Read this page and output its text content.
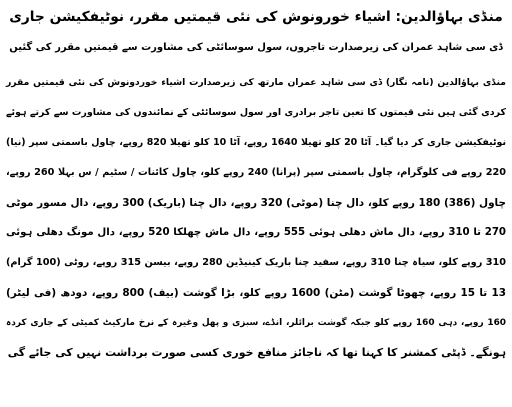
منڈی بہاؤالدین: اشیاء خورونوش کی نئی قیمتیں مقرر، نوٹیفکیشن جاری
ڈی سی شاہد عمران کی زیرصدارت تاجروں، سول سوسائٹی کی مشاورت سے قیمتیں مقرر کی گئیں
منڈی بہاؤالدین (نامہ نگار) ڈی سی شاہد عمران مارتھ کی زیرصدارت اشیاء خوردونوش کی نئی قیمتیں مقرر
کردی گئی ہیں نئی قیمتوں کا تعین تاجر برادری اور سول سوسائٹی کے نمائندوں کی مشاورت سے کرتے ہوئے
نوٹیفکیشن جاری کر دیا گیا۔ آٹا 20 کلو تھیلا 1640 روپے، آٹا 10 کلو تھیلا 820 روپے، چاول باسمتی سپر (نیا)
220 روپے فی کلوگرام، چاول باسمتی سپر (پرانا) 240 روپے کلو، چاول کائنات / سٹیم / س بہلا 260 روپے،
چاول (386) 180 روپے کلو، دال چنا (موٹی) 320 روپے، دال چنا (باریک) 300 روپے، دال مسور موٹی
270 تا 310 روپے، دال ماش دھلی ہوئی 555 روپے، دال ماش چھلکا 520 روپے، دال مونگ دھلی ہوئی
310 روپے کلو، سیاہ چنا 310 روپے، سفید چنا باریک کینیڈین 280 روپے، بیسن 315 روپے، روٹی (100 گرام)
13 تا 15 روپے، چھوٹا گوشت (مٹن) 1600 روپے کلو، بڑا گوشت (بیف) 800 روپے، دودھ (فی لیٹر)
160 روپے، دہی 160 روپے کلو جبکہ گوشت برائلر، انڈے، سبزی و پھل وغیرہ کے نرخ مارکیٹ کمیٹی کے جاری کردہ
ہونگے۔ ڈپٹی کمشنر کا کہنا تھا کہ ناجائز منافع خوری کسی صورت برداشت نہیں کی جائے گی
